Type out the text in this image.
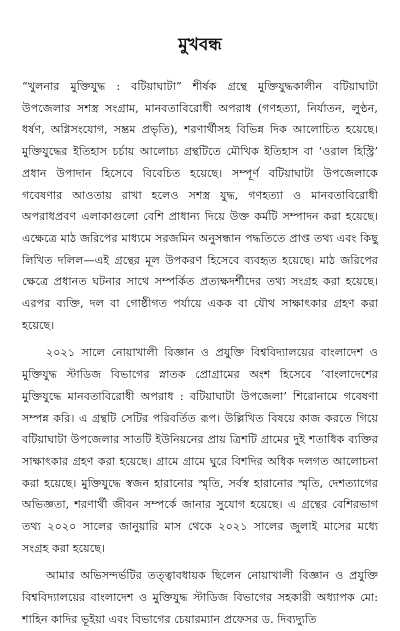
মুখবন্ধ

“খুলনার মুক্তিযুদ্ধ : বটিয়াঘাটা” শীর্ষক গ্রন্থে মুক্তিযুদ্ধকালীন বটিয়াঘাটা উপজেলার সশস্ত্র সংগ্রাম, মানবতাবিরোধী অপরাধ (গণহত্যা, নির্যাতন, লুণ্ঠন, ধর্ষণ, অগ্নিসংযোগ, সম্ভ্রম প্রভৃতি), শরণার্থীসহ বিভিন্ন দিক আলোচিত হয়েছে। মুক্তিযুদ্ধের ইতিহাস চর্চায় আলোচ্য গ্রন্থটিতে মৌখিক ইতিহাস বা ‘ওরাল হিস্ট্রি’ প্রধান উপাদান হিসেবে বিবেচিত হয়েছে। সম্পূর্ণ বটিয়াঘাটা উপজেলাকে গবেষণার আওতায় রাখা হলেও সশস্ত্র যুদ্ধ, গণহত্যা ও মানবতাবিরোধী অপরাধপ্রবণ এলাকাগুলো বেশি প্রাধান্য দিয়ে উক্ত কর্মটি সম্পাদন করা হয়েছে। এক্ষেত্রে মাঠ জরিপের মাধ্যমে সরজমিন অনুসন্ধান পদ্ধতিতে প্রাপ্ত তথ্য এবং কিছু লিখিত দলিল—এই গ্রন্থের মূল উপকরণ হিসেবে ব্যবহৃত হয়েছে। মাঠ জরিপের ক্ষেত্রে প্রধানত ঘটনার সাথে সম্পর্কিত প্রত্যক্ষদর্শীদের তথ্য সংগ্রহ করা হয়েছে। এরপর ব্যক্তি, দল বা গোষ্ঠীগত পর্যায়ে একক বা যৌথ সাক্ষাৎকার গ্রহণ করা হয়েছে।

২০২১ সালে নোয়াখালী বিজ্ঞান ও প্রযুক্তি বিশ্ববিদ্যালয়ের বাংলাদেশ ও মুক্তিযুদ্ধ স্টাডিজ বিভাগের স্নাতক প্রোগ্রামের অংশ হিসেবে ‘বাংলাদেশের মুক্তিযুদ্ধে মানবতাবিরোধী অপরাধ : বটিয়াঘাটা উপজেলা’ শিরোনামে গবেষণা সম্পন্ন করি। এ গ্রন্থটি সেটির পরিবর্তিত রূপ। উল্লিখিত বিষয়ে কাজ করতে গিয়ে বটিয়াঘাটা উপজেলার সাতটি ইউনিয়নের প্রায় ত্রিশটি গ্রামের দুই শতাধিক ব্যক্তির সাক্ষাৎকার গ্রহণ করা হয়েছে। গ্রামে গ্রামে ঘুরে বিশদির অধিক দলগত আলোচনা করা হয়েছে। মুক্তিযুদ্ধে স্বজন হারানোর স্মৃতি, সর্বস্ব হারানোর স্মৃতি, দেশত্যাগের অভিজ্ঞতা, শরণার্থী জীবন সম্পর্কে জানার সুযোগ হয়েছে। এ গ্রন্থের বেশিরভাগ তথ্য ২০২০ সালের জানুয়ারি মাস থেকে ২০২১ সালের জুলাই মাসের মধ্যে সংগ্রহ করা হয়েছে।

আমার অভিসন্দর্ভটির তত্ত্বাবধায়ক ছিলেন নোয়াখালী বিজ্ঞান ও প্রযুক্তি বিশ্ববিদ্যালয়ের বাংলাদেশ ও মুক্তিযুদ্ধ স্টাডিজ বিভাগের সহকারী অধ্যাপক মো: শাহিন কাদির ভূইয়া এবং বিভাগের চেয়ারম্যান প্রফেসর ড. দিব্যদ্যুতি
